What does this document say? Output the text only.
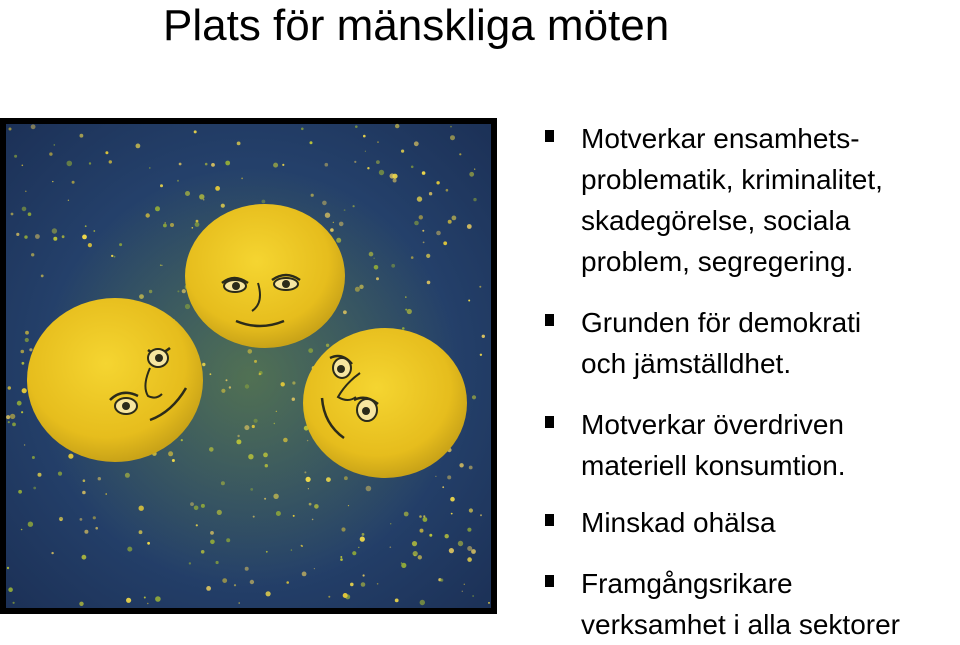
Plats för mänskliga möten
Motverkar ensamhets-
problematik, kriminalitet,
skadegörelse, sociala
problem, segregering.
Grunden för demokrati
och jämställdhet.
Motverkar överdriven
materiell konsumtion.
Minskad ohälsa
Framgångsrikare
verksamhet i alla sektorer
